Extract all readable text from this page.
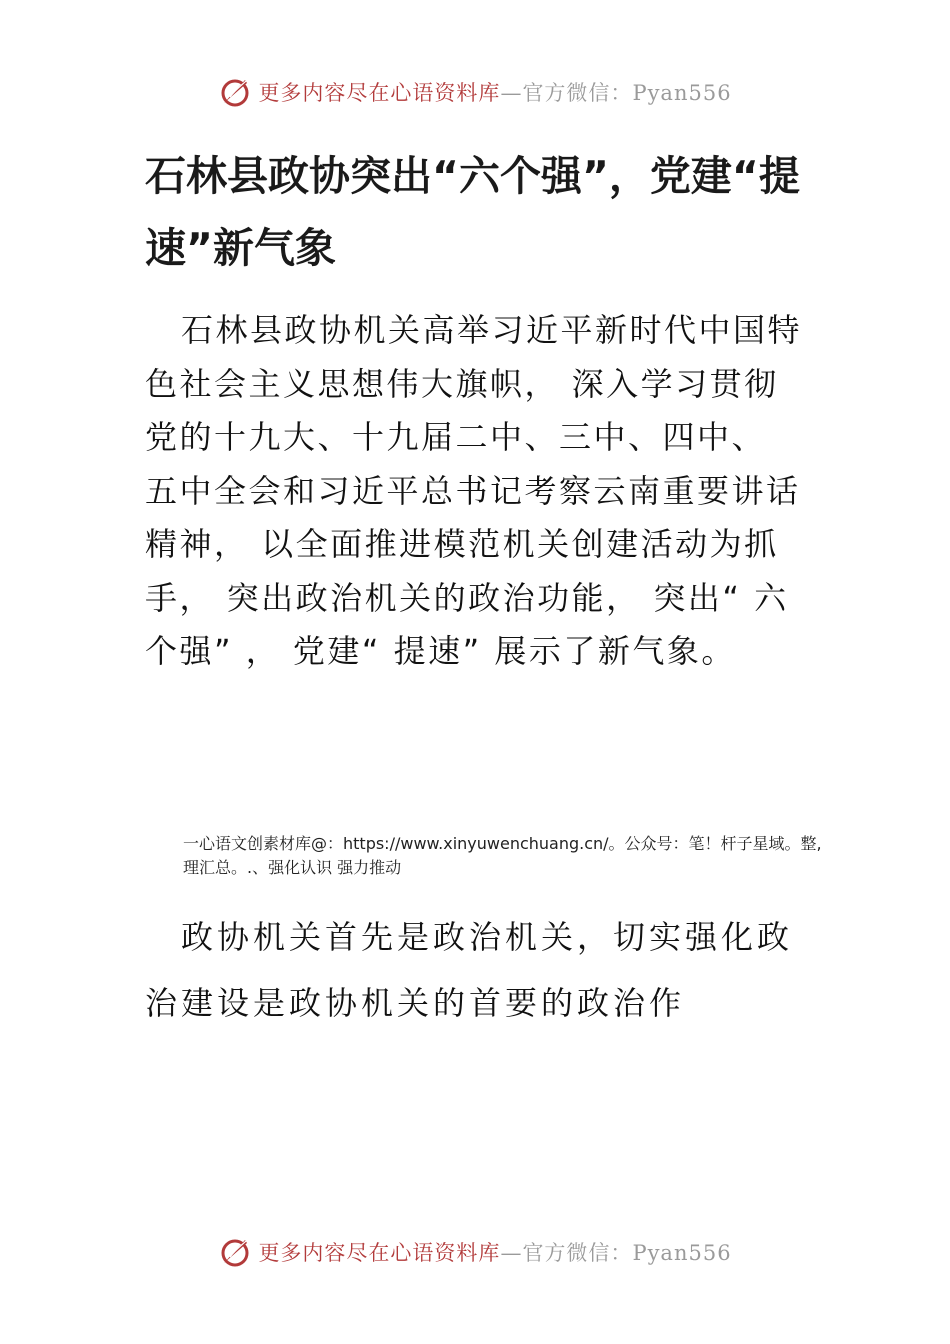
更多内容尽在心语资料库—官方微信：Pyan556
石林县政协突出“六个强”，党建“提速”新气象

石林县政协机关高举习近平新时代中国特色社会主义思想伟大旗帜， 深入学习贯彻党的十九大、十九届二中、三中、四中、 五中全会和习近平总书记考察云南重要讲话精神， 以全面推进模范机关创建活动为抓手， 突出政治机关的政治功能， 突出“ 六个强” ， 党建“ 提速” 展示了新气象。

一心语文创素材库@：https://www.xinyuwenchuang.cn/。公众号：笔！杆子星域。整,理汇总。.、强化认识 强力推动

政协机关首先是政治机关，切实强化政治建设是政协机关的首要的政治作

更多内容尽在心语资料库—官方微信：Pyan556
